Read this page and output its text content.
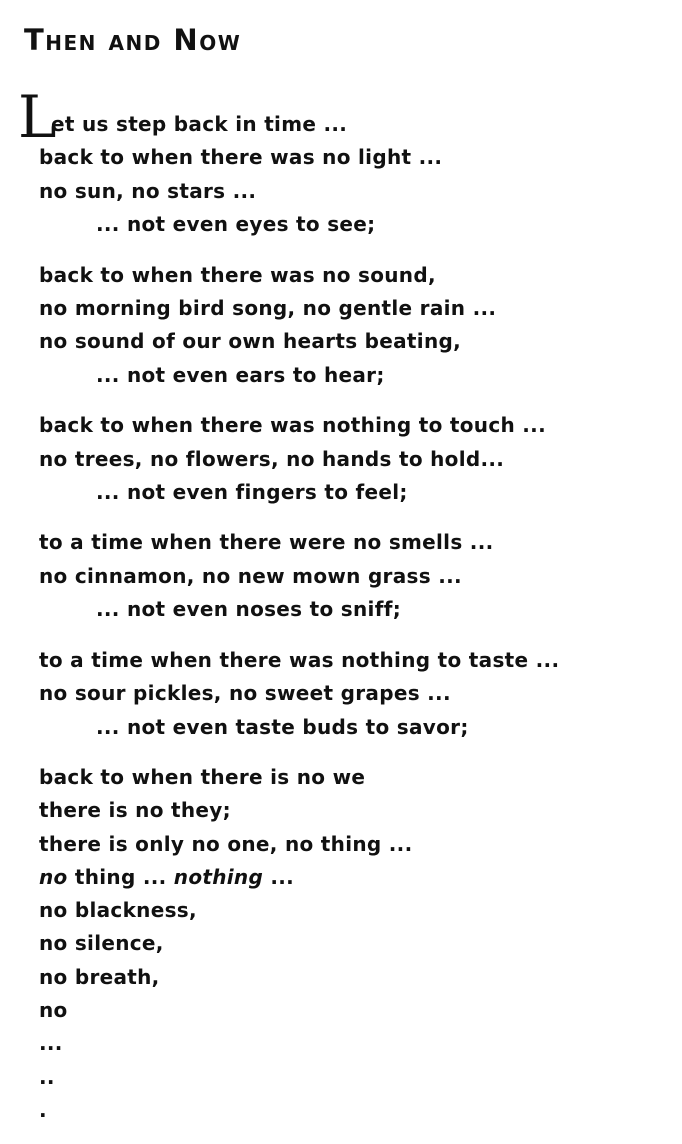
Then and Now
L
et us step back in time ...
back to when there was no light ...
no sun, no stars ...
... not even eyes to see;
back to when there was no sound,
no morning bird song, no gentle rain ...
no sound of our own hearts beating,
... not even ears to hear;
back to when there was nothing to touch ...
no trees, no flowers, no hands to hold...
... not even fingers to feel;
to a time when there were no smells ...
no cinnamon, no new mown grass ...
... not even noses to sniff;
to a time when there was nothing to taste ...
no sour pickles, no sweet grapes ...
... not even taste buds to savor;
back to when there is no we
there is no they;
there is only no one, no thing ...
no thing ... nothing ...
no blackness,
no silence,
no breath,
no
...
..
.
